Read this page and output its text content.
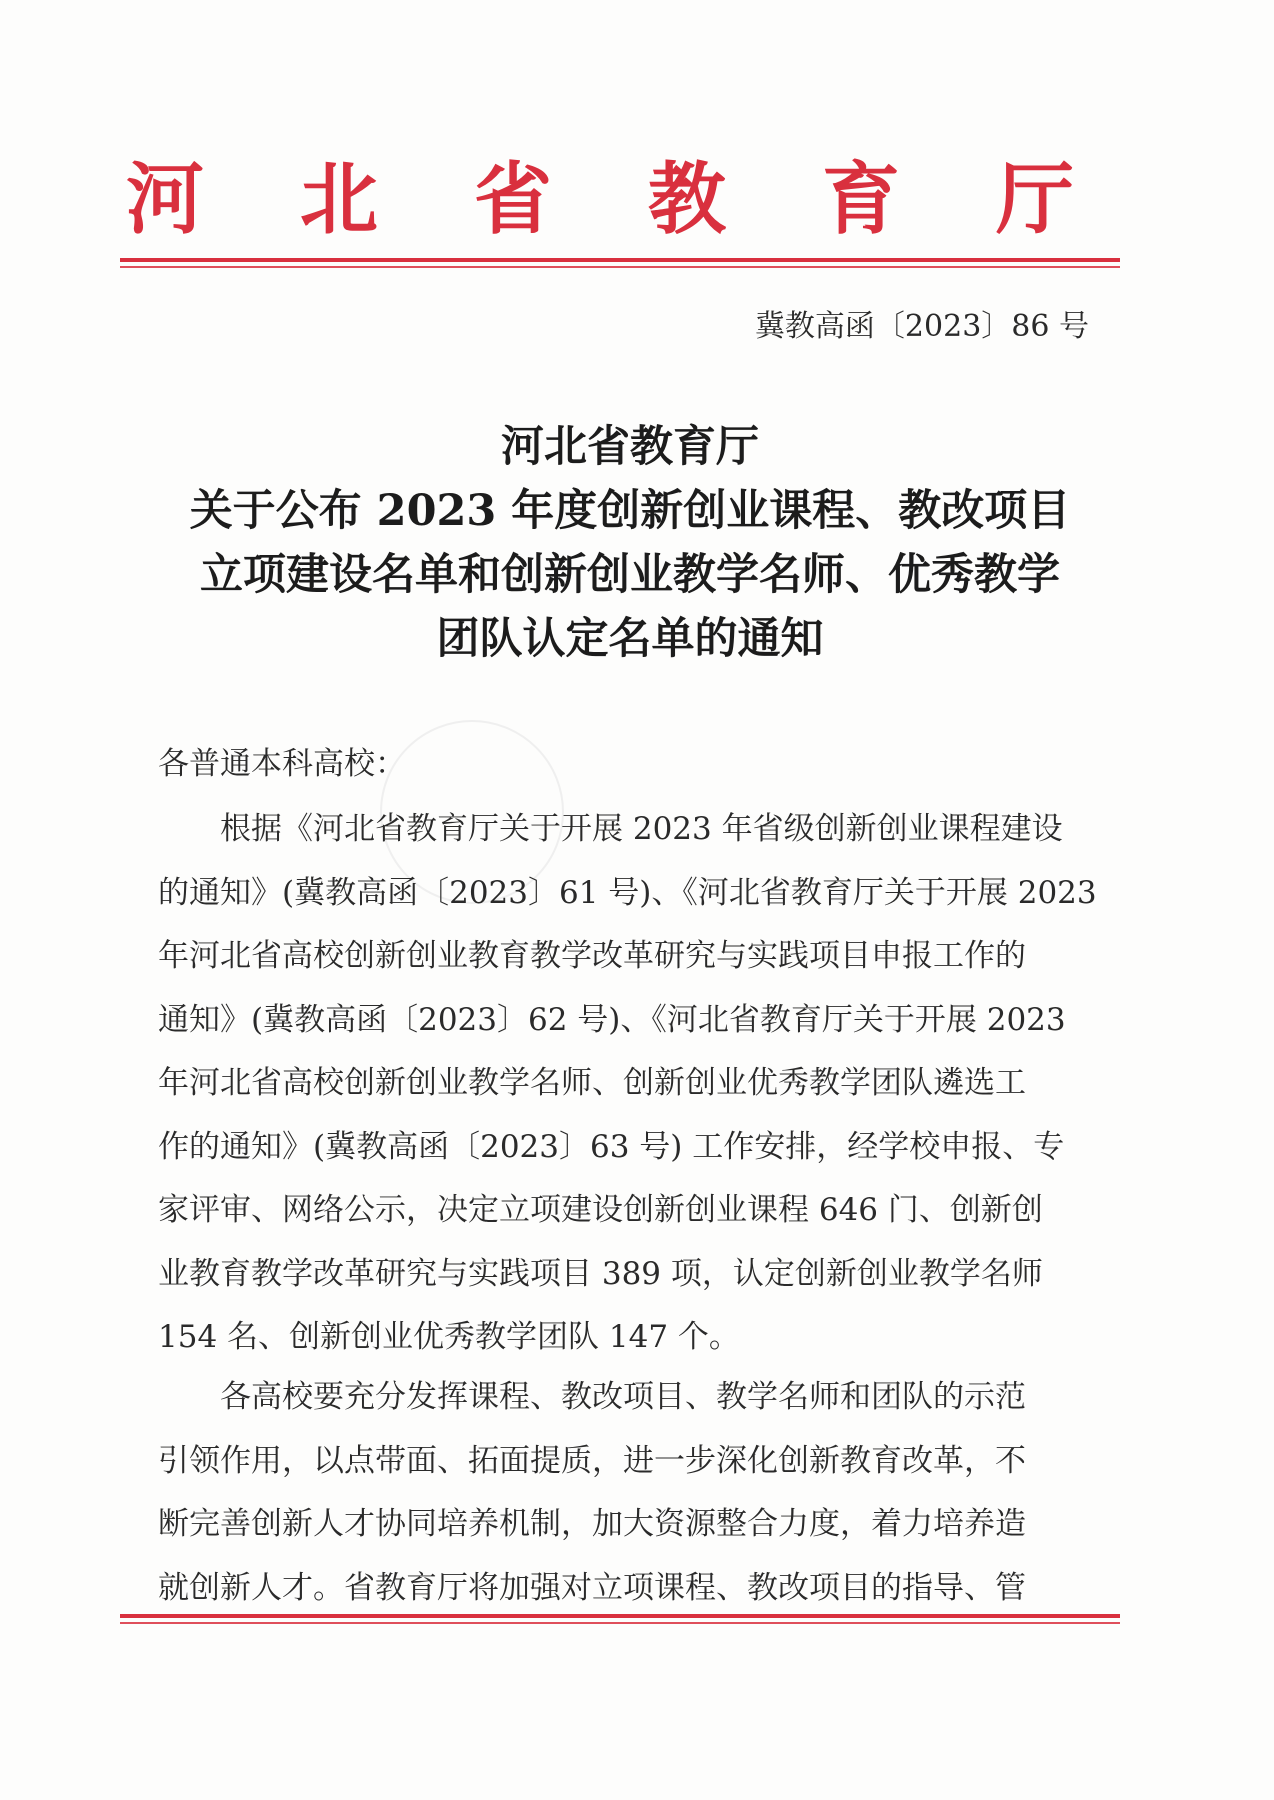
河 北 省 教 育 厅
冀教高函〔2023〕86 号
河北省教育厅
关于公布 2023 年度创新创业课程、教改项目
立项建设名单和创新创业教学名师、优秀教学
团队认定名单的通知
各普通本科高校：
根据《河北省教育厅关于开展 2023 年省级创新创业课程建设
的通知》(冀教高函〔2023〕61 号)、《河北省教育厅关于开展 2023
年河北省高校创新创业教育教学改革研究与实践项目申报工作的
通知》(冀教高函〔2023〕62 号)、《河北省教育厅关于开展 2023
年河北省高校创新创业教学名师、创新创业优秀教学团队遴选工
作的通知》(冀教高函〔2023〕63 号) 工作安排，经学校申报、专
家评审、网络公示，决定立项建设创新创业课程 646 门、创新创
业教育教学改革研究与实践项目 389 项，认定创新创业教学名师
154 名、创新创业优秀教学团队 147 个。
各高校要充分发挥课程、教改项目、教学名师和团队的示范
引领作用，以点带面、拓面提质，进一步深化创新教育改革，不
断完善创新人才协同培养机制，加大资源整合力度，着力培养造
就创新人才。省教育厅将加强对立项课程、教改项目的指导、管
